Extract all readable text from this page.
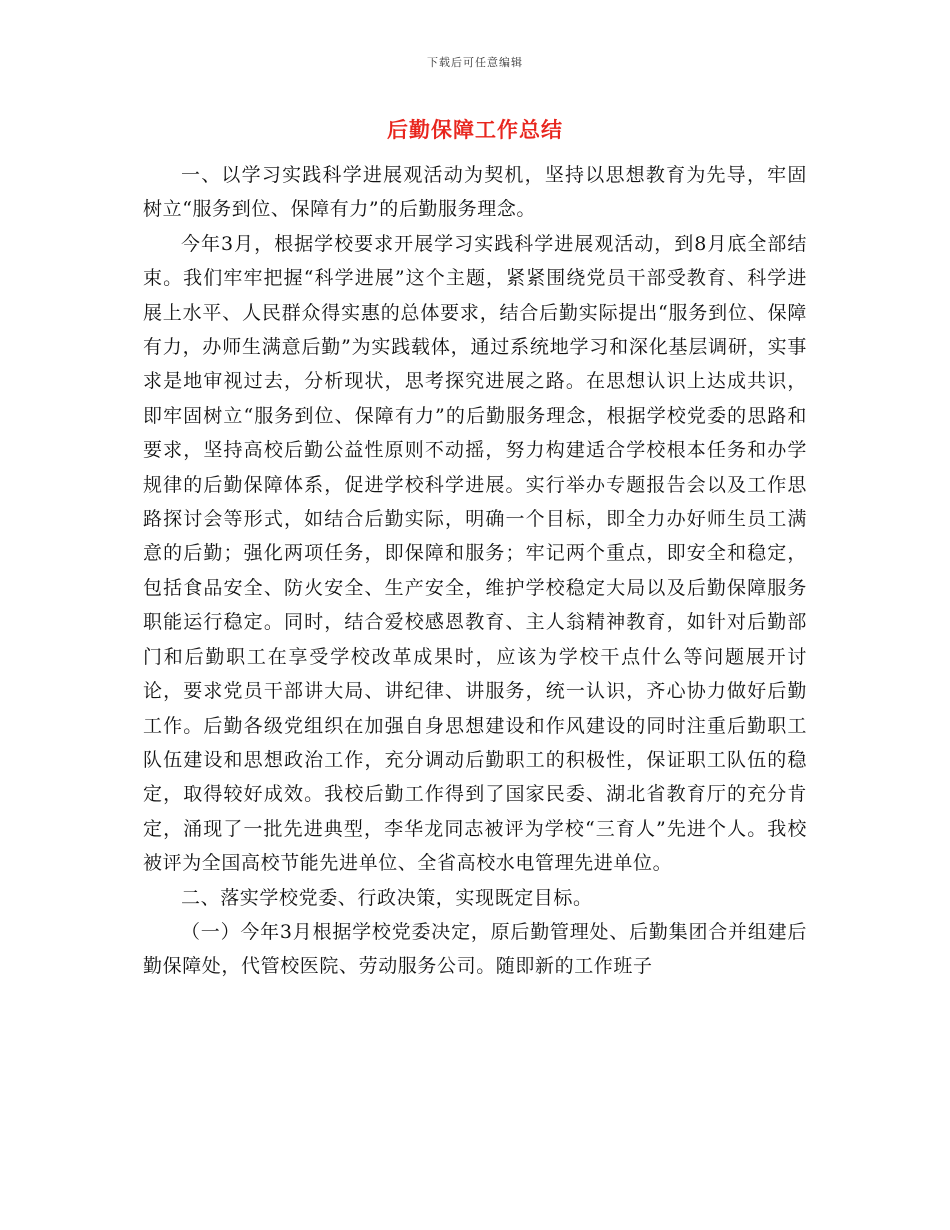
下载后可任意编辑
后勤保障工作总结

一、以学习实践科学进展观活动为契机，坚持以思想教育为先导，牢固树立“服务到位、保障有力”的后勤服务理念。

今年3月，根据学校要求开展学习实践科学进展观活动，到8月底全部结束。我们牢牢把握“科学进展”这个主题，紧紧围绕党员干部受教育、科学进展上水平、人民群众得实惠的总体要求，结合后勤实际提出“服务到位、保障有力，办师生满意后勤”为实践载体，通过系统地学习和深化基层调研，实事求是地审视过去，分析现状，思考探究进展之路。在思想认识上达成共识，即牢固树立“服务到位、保障有力”的后勤服务理念，根据学校党委的思路和要求，坚持高校后勤公益性原则不动摇，努力构建适合学校根本任务和办学规律的后勤保障体系，促进学校科学进展。实行举办专题报告会以及工作思路探讨会等形式，如结合后勤实际，明确一个目标，即全力办好师生员工满意的后勤；强化两项任务，即保障和服务；牢记两个重点，即安全和稳定，包括食品安全、防火安全、生产安全，维护学校稳定大局以及后勤保障服务职能运行稳定。同时，结合爱校感恩教育、主人翁精神教育，如针对后勤部门和后勤职工在享受学校改革成果时，应该为学校干点什么等问题展开讨论，要求党员干部讲大局、讲纪律、讲服务，统一认识，齐心协力做好后勤工作。后勤各级党组织在加强自身思想建设和作风建设的同时注重后勤职工队伍建设和思想政治工作，充分调动后勤职工的积极性，保证职工队伍的稳定，取得较好成效。我校后勤工作得到了国家民委、湖北省教育厅的充分肯定，涌现了一批先进典型，李华龙同志被评为学校“三育人”先进个人。我校被评为全国高校节能先进单位、全省高校水电管理先进单位。

二、落实学校党委、行政决策，实现既定目标。

（一）今年3月根据学校党委决定，原后勤管理处、后勤集团合并组建后勤保障处，代管校医院、劳动服务公司。随即新的工作班子
